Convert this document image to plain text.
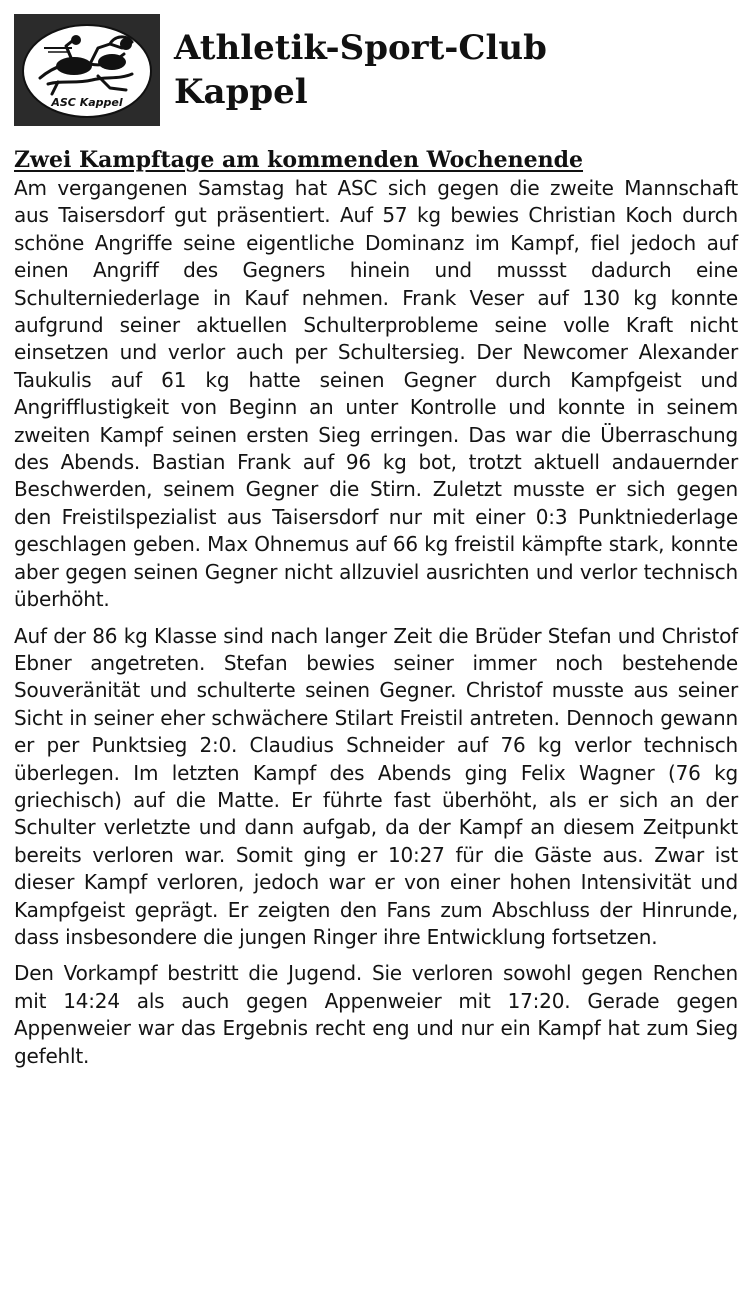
ASC Kappel
Athletik-Sport-Club
Kappel
Zwei Kampftage am kommenden Wochenende

Am vergangenen Samstag hat ASC sich gegen die zweite Mannschaft aus Taisersdorf gut präsentiert. Auf 57 kg bewies Christian Koch durch schöne Angriffe seine eigentliche Dominanz im Kampf, fiel jedoch auf einen Angriff des Gegners hinein und mussst dadurch eine Schulterniederlage in Kauf nehmen. Frank Veser auf 130 kg konnte aufgrund seiner aktuellen Schulterprobleme seine volle Kraft nicht einsetzen und verlor auch per Schultersieg. Der Newcomer Alexander Taukulis auf 61 kg hatte seinen Gegner durch Kampfgeist und Angrifflustigkeit von Beginn an unter Kontrolle und konnte in seinem zweiten Kampf seinen ersten Sieg erringen. Das war die Überraschung des Abends. Bastian Frank auf 96 kg bot, trotzt aktuell andauernder Beschwerden, seinem Gegner die Stirn. Zuletzt musste er sich gegen den Freistilspezialist aus Taisersdorf nur mit einer 0:3 Punktniederlage geschlagen geben. Max Ohnemus auf 66 kg freistil kämpfte stark, konnte aber gegen seinen Gegner nicht allzuviel ausrichten und verlor technisch überhöht.

Auf der 86 kg Klasse sind nach langer Zeit die Brüder Stefan und Christof Ebner angetreten. Stefan bewies seiner immer noch bestehende Souveränität und schulterte seinen Gegner. Christof musste aus seiner Sicht in seiner eher schwächere Stilart Freistil antreten. Dennoch gewann er per Punktsieg 2:0. Claudius Schneider auf 76 kg verlor technisch überlegen. Im letzten Kampf des Abends ging Felix Wagner (76 kg griechisch) auf die Matte. Er führte fast überhöht, als er sich an der Schulter verletzte und dann aufgab, da der Kampf an diesem Zeitpunkt bereits verloren war. Somit ging er 10:27 für die Gäste aus. Zwar ist dieser Kampf verloren, jedoch war er von einer hohen Intensivität und Kampfgeist geprägt. Er zeigten den Fans zum Abschluss der Hinrunde, dass insbesondere die jungen Ringer ihre Entwicklung fortsetzen.

Den Vorkampf bestritt die Jugend. Sie verloren sowohl gegen Renchen mit 14:24 als auch gegen Appenweier mit 17:20. Gerade gegen Appenweier war das Ergebnis recht eng und nur ein Kampf hat zum Sieg gefehlt.
